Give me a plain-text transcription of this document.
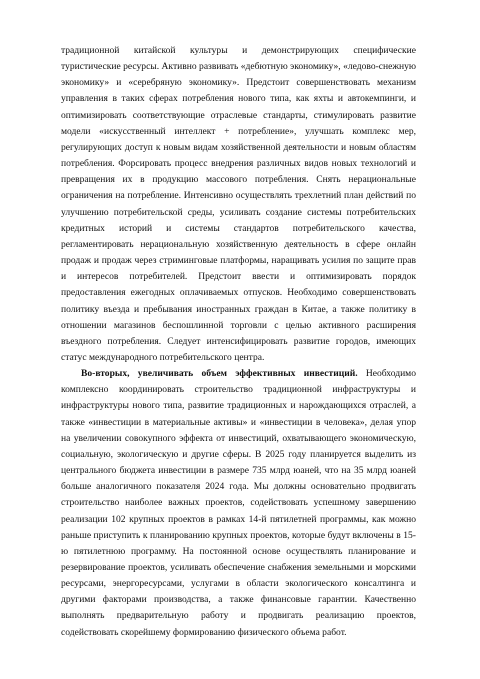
традиционной китайской культуры и демонстрирующих специфические туристические ресурсы. Активно развивать «дебютную экономику», «ледово-снежную экономику» и «серебряную экономику». Предстоит совершенствовать механизм управления в таких сферах потребления нового типа, как яхты и автокемпинги, и оптимизировать соответствующие отраслевые стандарты, стимулировать развитие модели «искусственный интеллект + потребление», улучшать комплекс мер, регулирующих доступ к новым видам хозяйственной деятельности и новым областям потребления. Форсировать процесс внедрения различных видов новых технологий и превращения их в продукцию массового потребления. Снять нерациональные ограничения на потребление. Интенсивно осуществлять трехлетний план действий по улучшению потребительской среды, усиливать создание системы потребительских кредитных историй и системы стандартов потребительского качества, регламентировать нерациональную хозяйственную деятельность в сфере онлайн продаж и продаж через стриминговые платформы, наращивать усилия по защите прав и интересов потребителей. Предстоит ввести и оптимизировать порядок предоставления ежегодных оплачиваемых отпусков. Необходимо совершенствовать политику въезда и пребывания иностранных граждан в Китае, а также политику в отношении магазинов беспошлинной торговли с целью активного расширения въездного потребления. Следует интенсифицировать развитие городов, имеющих статус международного потребительского центра.

Во-вторых, увеличивать объем эффективных инвестиций. Необходимо комплексно координировать строительство традиционной инфраструктуры и инфраструктуры нового типа, развитие традиционных и нарождающихся отраслей, а также «инвестиции в материальные активы» и «инвестиции в человека», делая упор на увеличении совокупного эффекта от инвестиций, охватывающего экономическую, социальную, экологическую и другие сферы. В 2025 году планируется выделить из центрального бюджета инвестиции в размере 735 млрд юаней, что на 35 млрд юаней больше аналогичного показателя 2024 года. Мы должны основательно продвигать строительство наиболее важных проектов, содействовать успешному завершению реализации 102 крупных проектов в рамках 14-й пятилетней программы, как можно раньше приступить к планированию крупных проектов, которые будут включены в 15-ю пятилетнюю программу. На постоянной основе осуществлять планирование и резервирование проектов, усиливать обеспечение снабжения земельными и морскими ресурсами, энергоресурсами, услугами в области экологического консалтинга и другими факторами производства, а также финансовые гарантии. Качественно выполнять предварительную работу и продвигать реализацию проектов, содействовать скорейшему формированию физического объема работ.
